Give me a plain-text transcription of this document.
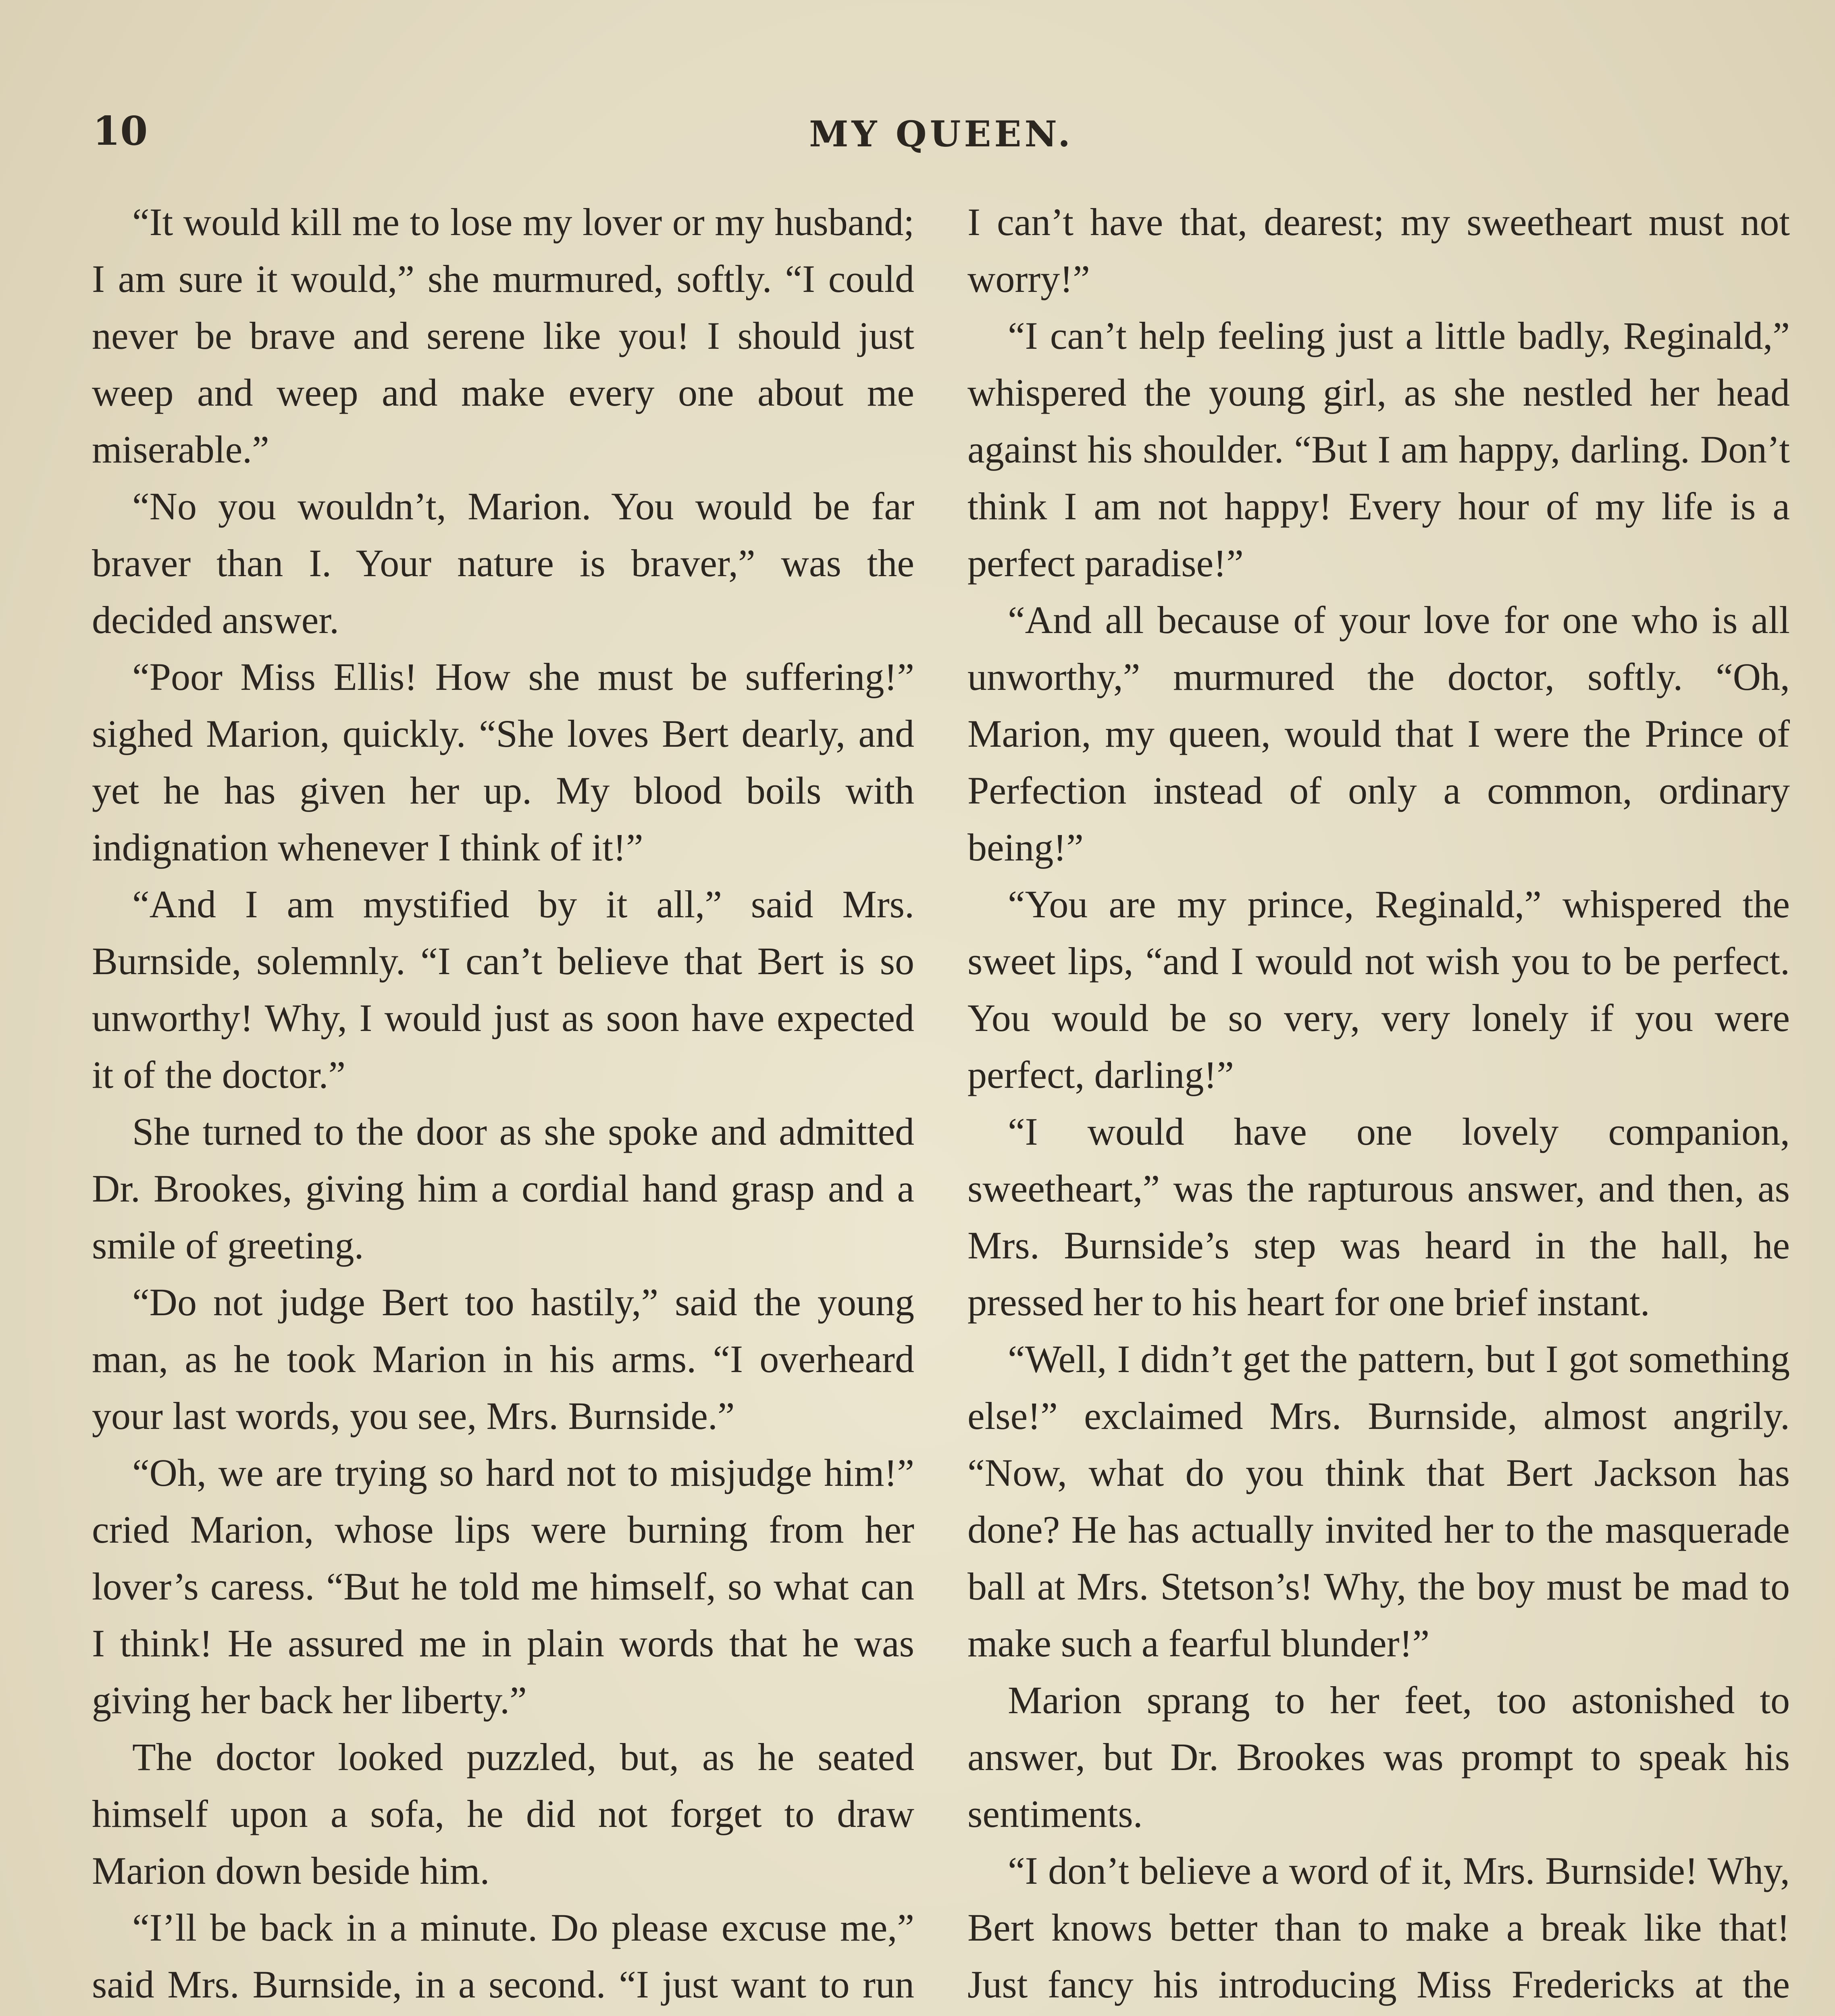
10	MY QUEEN.

“It would kill me to lose my lover or my husband; I am sure it would,” she murmured, softly. “I could never be brave and serene like you! I should just weep and weep and make every one about me miserable.”

“No you wouldn’t, Marion. You would be far braver than I. Your nature is braver,” was the decided answer.

“Poor Miss Ellis! How she must be suffering!” sighed Marion, quickly. “She loves Bert dearly, and yet he has given her up. My blood boils with indignation whenever I think of it!”

“And I am mystified by it all,” said Mrs. Burnside, solemnly. “I can’t believe that Bert is so unworthy! Why, I would just as soon have expected it of the doctor.”

She turned to the door as she spoke and admitted Dr. Brookes, giving him a cordial hand grasp and a smile of greeting.

“Do not judge Bert too hastily,” said the young man, as he took Marion in his arms. “I overheard your last words, you see, Mrs. Burnside.”

“Oh, we are trying so hard not to misjudge him!” cried Marion, whose lips were burning from her lover’s caress. “But he told me himself, so what can I think! He assured me in plain words that he was giving her back her liberty.”

The doctor looked puzzled, but, as he seated himself upon a sofa, he did not forget to draw Marion down beside him.

“I’ll be back in a minute. Do please excuse me,” said Mrs. Burnside, in a second. “I just want to run

I can’t have that, dearest; my sweetheart must not worry!”

“I can’t help feeling just a little badly, Reginald,” whispered the young girl, as she nestled her head against his shoulder. “But I am happy, darling. Don’t think I am not happy! Every hour of my life is a perfect paradise!”

“And all because of your love for one who is all unworthy,” murmured the doctor, softly. “Oh, Marion, my queen, would that I were the Prince of Perfection instead of only a common, ordinary being!”

“You are my prince, Reginald,” whispered the sweet lips, “and I would not wish you to be perfect. You would be so very, very lonely if you were perfect, darling!”

“I would have one lovely companion, sweetheart,” was the rapturous answer, and then, as Mrs. Burnside’s step was heard in the hall, he pressed her to his heart for one brief instant.

“Well, I didn’t get the pattern, but I got something else!” exclaimed Mrs. Burnside, almost angrily. “Now, what do you think that Bert Jackson has done? He has actually invited her to the masquerade ball at Mrs. Stetson’s! Why, the boy must be mad to make such a fearful blunder!”

Marion sprang to her feet, too astonished to answer, but Dr. Brookes was prompt to speak his sentiments.

“I don’t believe a word of it, Mrs. Burnside! Why, Bert knows better than to make a break like that! Just fancy his introducing Miss Fredericks at the
